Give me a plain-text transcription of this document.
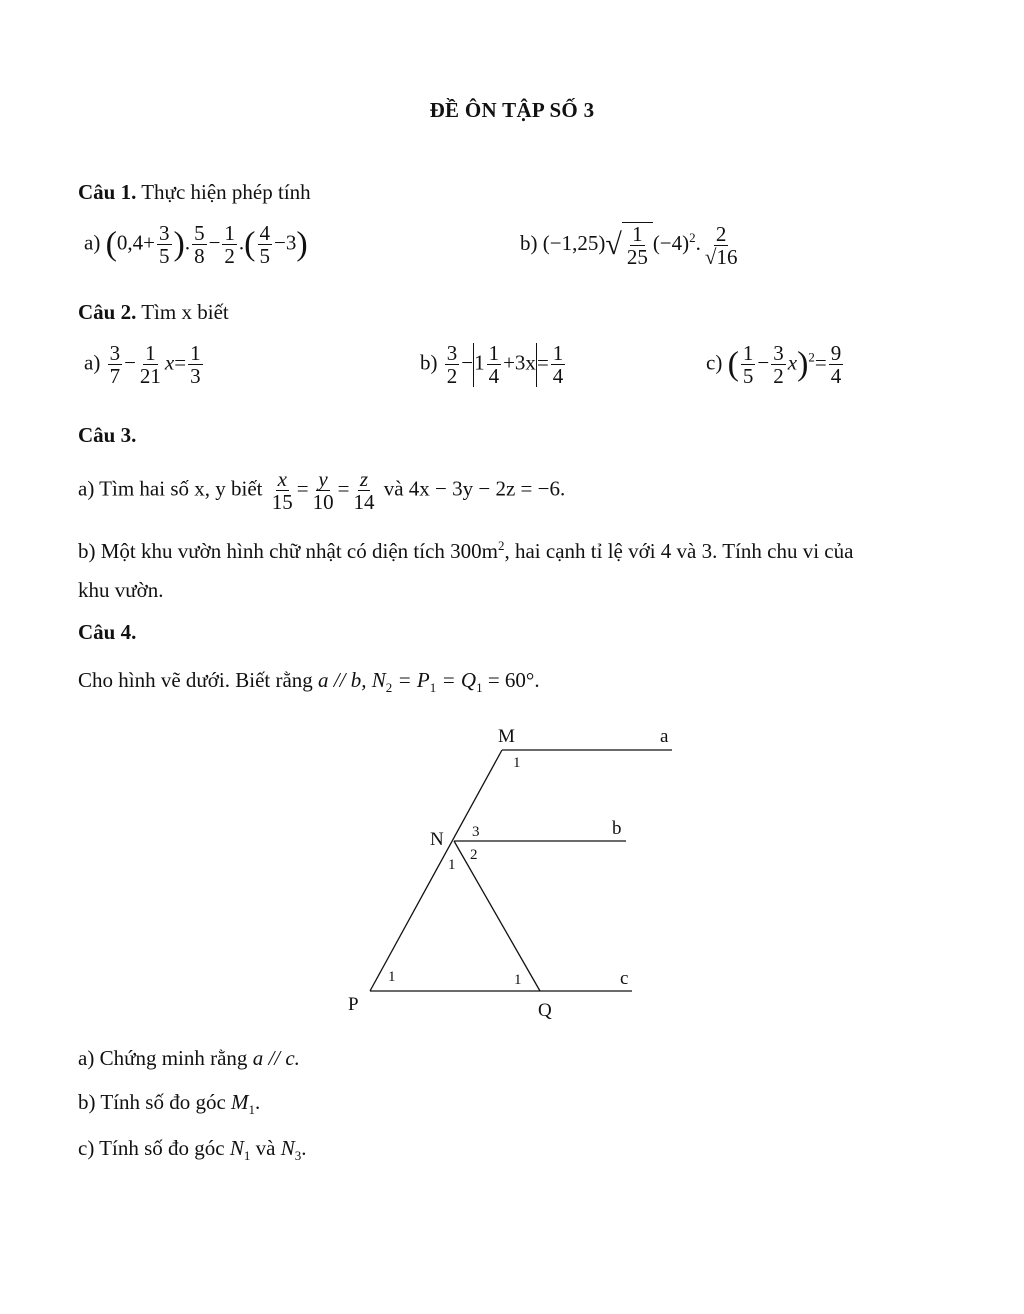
ĐỀ ÔN TẬP SỐ 3
Câu 1. Thực hiện phép tính
a) ($0,4+ \frac{3}{5}$ ). $\frac{5}{8} - \frac{1}{2}$ .( $\frac{4}{5} -3$)	b) (−1,25) √ $\frac{1}{25} (-4)^2$. $\frac{2}{√16}$
Câu 2. Tìm x biết
$a) \frac{3}{7} - \frac{1}{21} x= \frac{1}{3}$	$b) \frac{3}{2} -1 \frac{1}{4} +3x= \frac{1}{4}$	c) ( $\frac{1}{5} - \frac{3}{2} x)^2= \frac{9}{4}$
Câu 3.
a) Tìm hai số x, y biết $\frac{x}{15} = \frac{y}{10} = \frac{z}{14}$ và 4x − 3y − 2z = −6.
b) Một khu vườn hình chữ nhật có diện tích $300m^2$, hai cạnh tỉ lệ với 4 và 3. Tính chu vi của
khu vườn.
Câu 4.
Cho hình vẽ dưới. Biết rằng a // b, $N_2 = P_1 = Q_1 = 60^\circ$.
M	a
1
N 3	b
2
1
1	1	c
P	Q
a) Chứng minh rằng a // c.
b) Tính số đo góc $M_1$.
c) Tính số đo góc $N_1$ và $N_3$.
